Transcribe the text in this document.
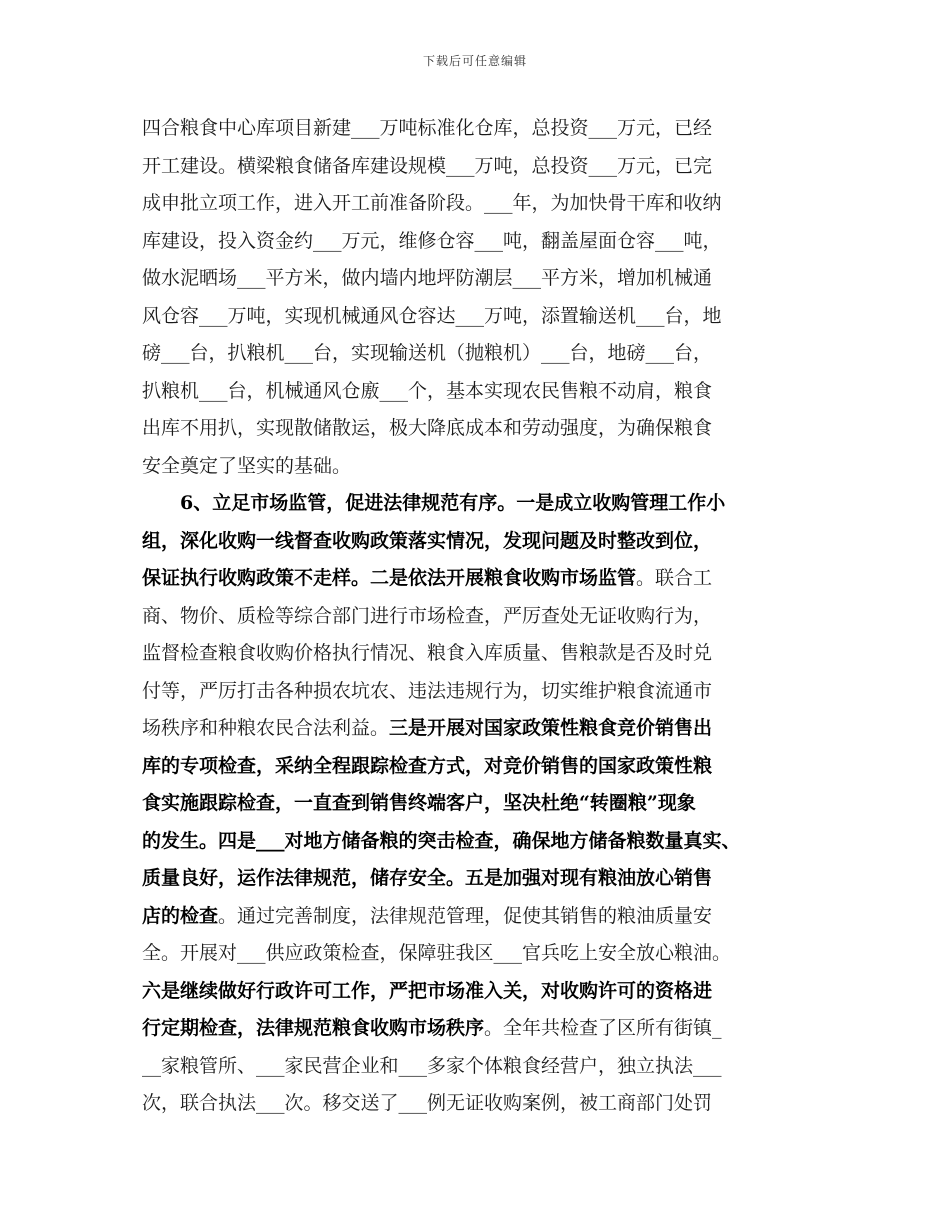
下载后可任意编辑
四合粮食中心库项目新建___万吨标准化仓库，总投资___万元，已经
开工建设。横梁粮食储备库建设规模___万吨，总投资___万元，已完
成申批立项工作，进入开工前准备阶段。___年，为加快骨干库和收纳
库建设，投入资金约___万元，维修仓容___吨，翻盖屋面仓容___吨，
做水泥晒场___平方米，做内墙内地坪防潮层___平方米，增加机械通
风仓容___万吨，实现机械通风仓容达___万吨，添置输送机___台，地
磅___台，扒粮机___台，实现输送机（抛粮机）___台，地磅___台，
扒粮机___台，机械通风仓廒___个，基本实现农民售粮不动肩，粮食
出库不用扒，实现散储散运，极大降底成本和劳动强度，为确保粮食
安全奠定了坚实的基础。
　　6、立足市场监管，促进法律规范有序。一是成立收购管理工作小
组，深化收购一线督查收购政策落实情况，发现问题及时整改到位，
保证执行收购政策不走样。二是依法开展粮食收购市场监管。联合工
商、物价、质检等综合部门进行市场检查，严厉查处无证收购行为，
监督检查粮食收购价格执行情况、粮食入库质量、售粮款是否及时兑
付等，严厉打击各种损农坑农、违法违规行为，切实维护粮食流通市
场秩序和种粮农民合法利益。三是开展对国家政策性粮食竞价销售出
库的专项检查，采纳全程跟踪检查方式，对竞价销售的国家政策性粮
食实施跟踪检查，一直查到销售终端客户，坚决杜绝“转圈粮”现象
的发生。四是___对地方储备粮的突击检查，确保地方储备粮数量真实、
质量良好，运作法律规范，储存安全。五是加强对现有粮油放心销售
店的检查。通过完善制度，法律规范管理，促使其销售的粮油质量安
全。开展对___供应政策检查，保障驻我区___官兵吃上安全放心粮油。
六是继续做好行政许可工作，严把市场准入关，对收购许可的资格进
行定期检查，法律规范粮食收购市场秩序。全年共检查了区所有街镇_
__家粮管所、___家民营企业和___多家个体粮食经营户，独立执法___
次，联合执法___次。移交送了___例无证收购案例，被工商部门处罚
